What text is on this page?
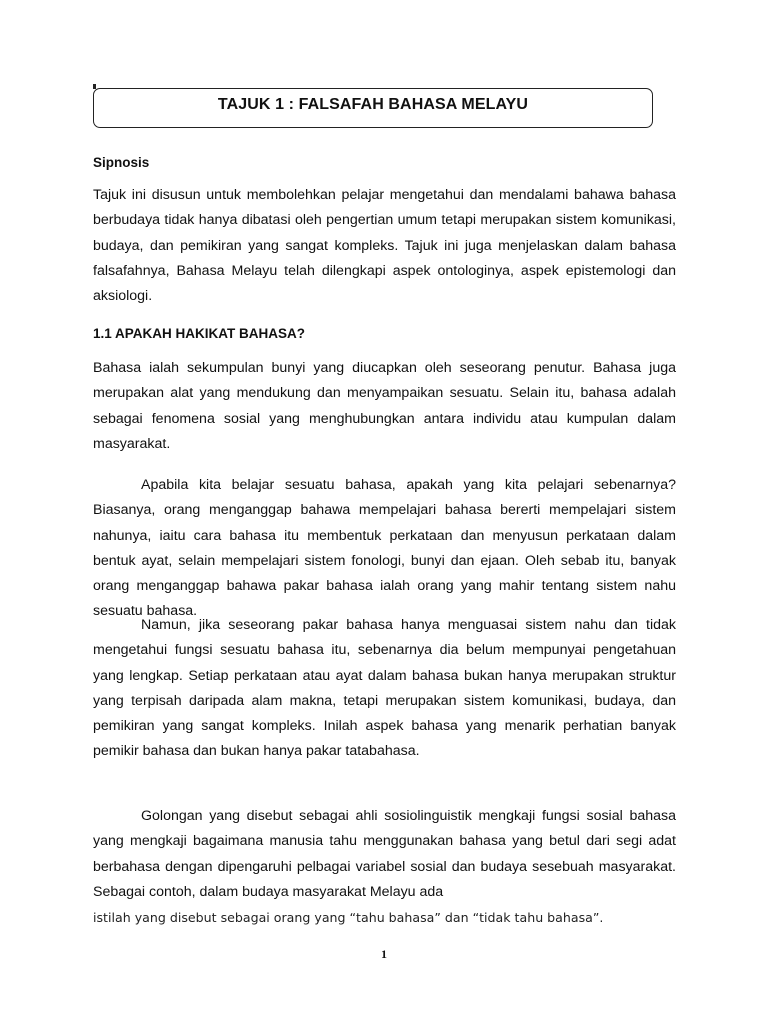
TAJUK 1 : FALSAFAH BAHASA MELAYU
Sipnosis

Tajuk ini disusun untuk membolehkan pelajar mengetahui dan mendalami bahawa bahasa berbudaya tidak hanya dibatasi oleh pengertian umum tetapi merupakan sistem komunikasi, budaya, dan pemikiran yang sangat kompleks. Tajuk ini juga menjelaskan dalam bahasa falsafahnya, Bahasa Melayu telah dilengkapi aspek ontologinya, aspek epistemologi dan aksiologi.

1.1 APAKAH HAKIKAT BAHASA?

Bahasa ialah sekumpulan bunyi yang diucapkan oleh seseorang penutur. Bahasa juga merupakan alat yang mendukung dan menyampaikan sesuatu. Selain itu, bahasa adalah sebagai fenomena sosial yang menghubungkan antara individu atau kumpulan dalam masyarakat.

Apabila kita belajar sesuatu bahasa, apakah yang kita pelajari sebenarnya? Biasanya, orang menganggap bahawa mempelajari bahasa bererti mempelajari sistem nahunya, iaitu cara bahasa itu membentuk perkataan dan menyusun perkataan dalam bentuk ayat, selain mempelajari sistem fonologi, bunyi dan ejaan. Oleh sebab itu, banyak orang menganggap bahawa pakar bahasa ialah orang yang mahir tentang sistem nahu sesuatu bahasa.

Namun, jika seseorang pakar bahasa hanya menguasai sistem nahu dan tidak mengetahui fungsi sesuatu bahasa itu, sebenarnya dia belum mempunyai pengetahuan yang lengkap. Setiap perkataan atau ayat dalam bahasa bukan hanya merupakan struktur yang terpisah daripada alam makna, tetapi merupakan sistem komunikasi, budaya, dan pemikiran yang sangat kompleks. Inilah aspek bahasa yang menarik perhatian banyak pemikir bahasa dan bukan hanya pakar tatabahasa.

Golongan yang disebut sebagai ahli sosiolinguistik mengkaji fungsi sosial bahasa yang mengkaji bagaimana manusia tahu menggunakan bahasa yang betul dari segi adat berbahasa dengan dipengaruhi pelbagai variabel sosial dan budaya sesebuah masyarakat. Sebagai contoh, dalam budaya masyarakat Melayu ada

istilah yang disebut sebagai orang yang “tahu bahasa” dan “tidak tahu bahasa”.
1
